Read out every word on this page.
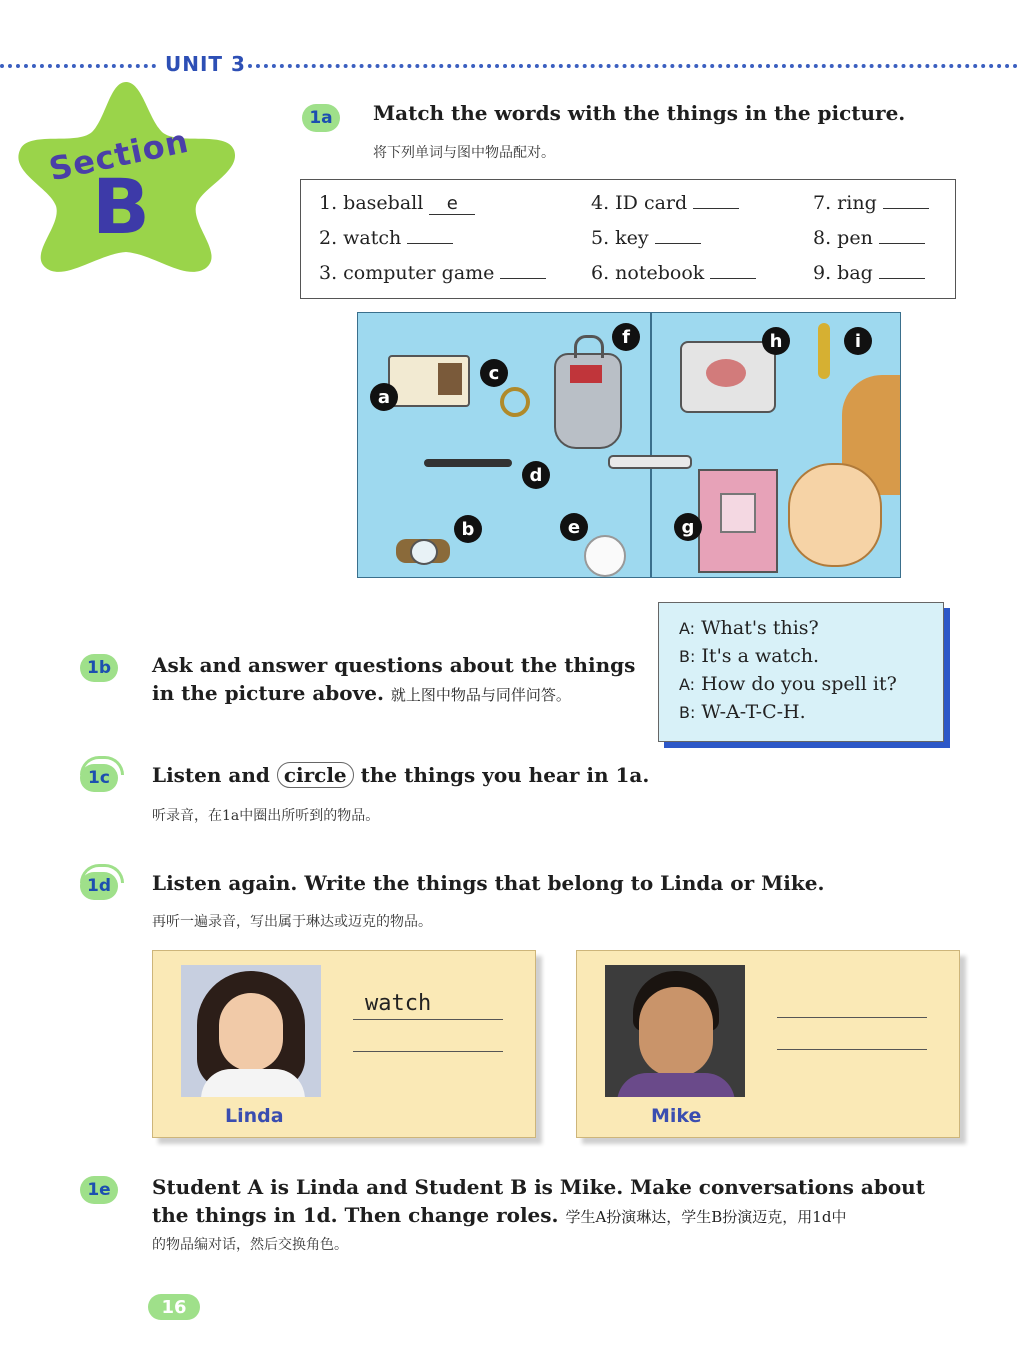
UNIT 3
Section
B
1a	Match the words with the things in the picture.
将下列单词与图中物品配对。
1. baseball e
2. watch
3. computer game
4. ID card
5. key
6. notebook
7. ring
8. pen
9. bag
a
b
c
d
e
f
g
h	i
1b	Ask and answer questions about the things
in the picture above. 就上图中物品与同伴问答。
A: What's this?
B: It's a watch.
A: How do you spell it?
B: W-A-T-C-H.
1c	Listen and circle the things you hear in 1a.
听录音，在1a中圈出所听到的物品。
1d	Listen again. Write the things that belong to Linda or Mike.
再听一遍录音，写出属于琳达或迈克的物品。
Linda
watch
Mike
1e	Student A is Linda and Student B is Mike. Make conversations about
the things in 1d. Then change roles. 学生A扮演琳达，学生B扮演迈克，用1d中
的物品编对话，然后交换角色。
16
